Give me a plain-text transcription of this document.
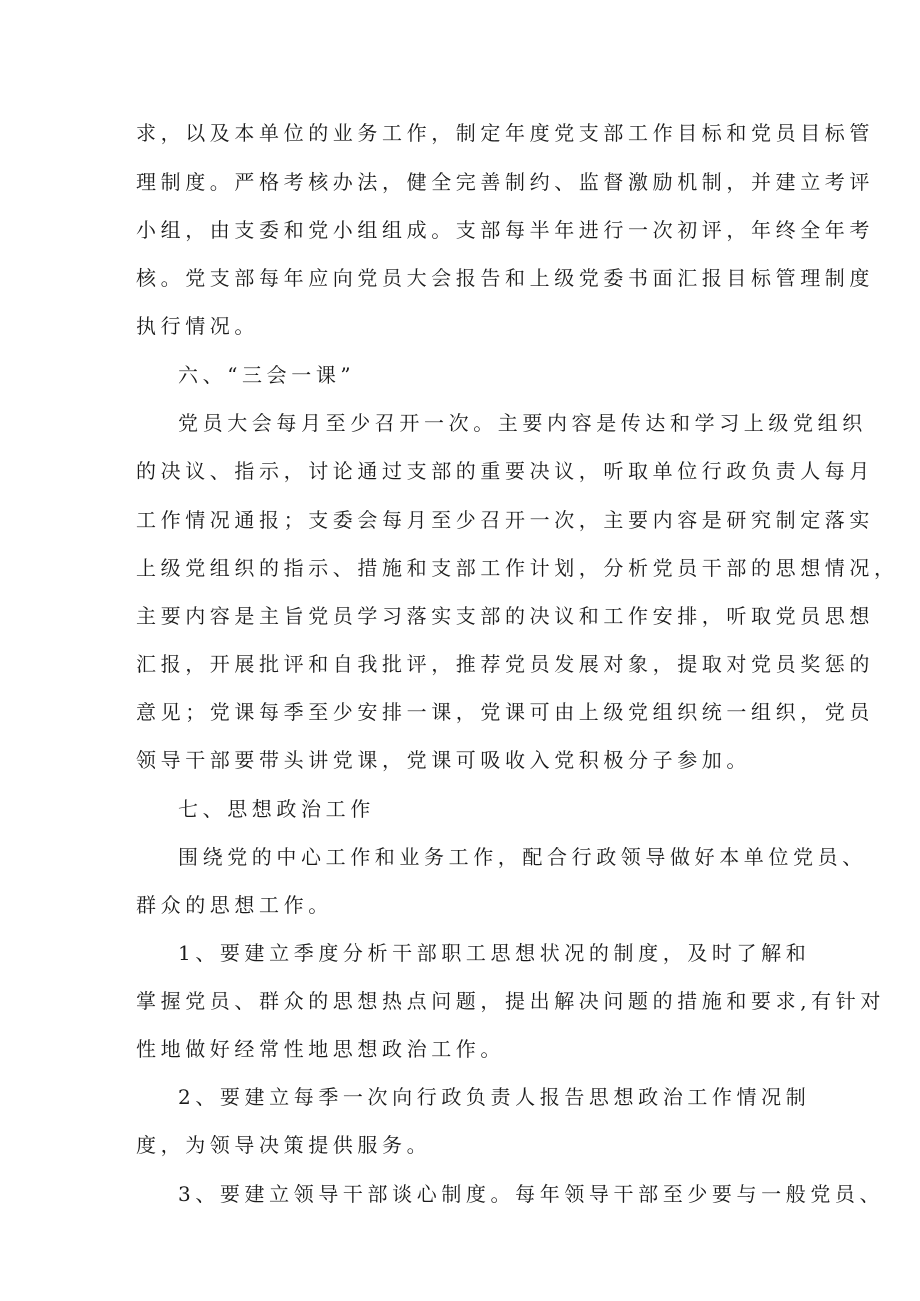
求，以及本单位的业务工作，制定年度党支部工作目标和党员目标管
理制度。严格考核办法，健全完善制约、监督激励机制，并建立考评
小组，由支委和党小组组成。支部每半年进行一次初评，年终全年考
核。党支部每年应向党员大会报告和上级党委书面汇报目标管理制度
执行情况。
六、“三会一课”
党员大会每月至少召开一次。主要内容是传达和学习上级党组织
的决议、指示，讨论通过支部的重要决议，听取单位行政负责人每月
工作情况通报；支委会每月至少召开一次，主要内容是研究制定落实
上级党组织的指示、措施和支部工作计划，分析党员干部的思想情况，
主要内容是主旨党员学习落实支部的决议和工作安排，听取党员思想
汇报，开展批评和自我批评，推荐党员发展对象，提取对党员奖惩的
意见；党课每季至少安排一课，党课可由上级党组织统一组织，党员
领导干部要带头讲党课，党课可吸收入党积极分子参加。
七、思想政治工作
围绕党的中心工作和业务工作，配合行政领导做好本单位党员、
群众的思想工作。
1、要建立季度分析干部职工思想状况的制度，及时了解和
掌握党员、群众的思想热点问题，提出解决问题的措施和要求,有针对
性地做好经常性地思想政治工作。
2、要建立每季一次向行政负责人报告思想政治工作情况制
度，为领导决策提供服务。
3、要建立领导干部谈心制度。每年领导干部至少要与一般党员、
